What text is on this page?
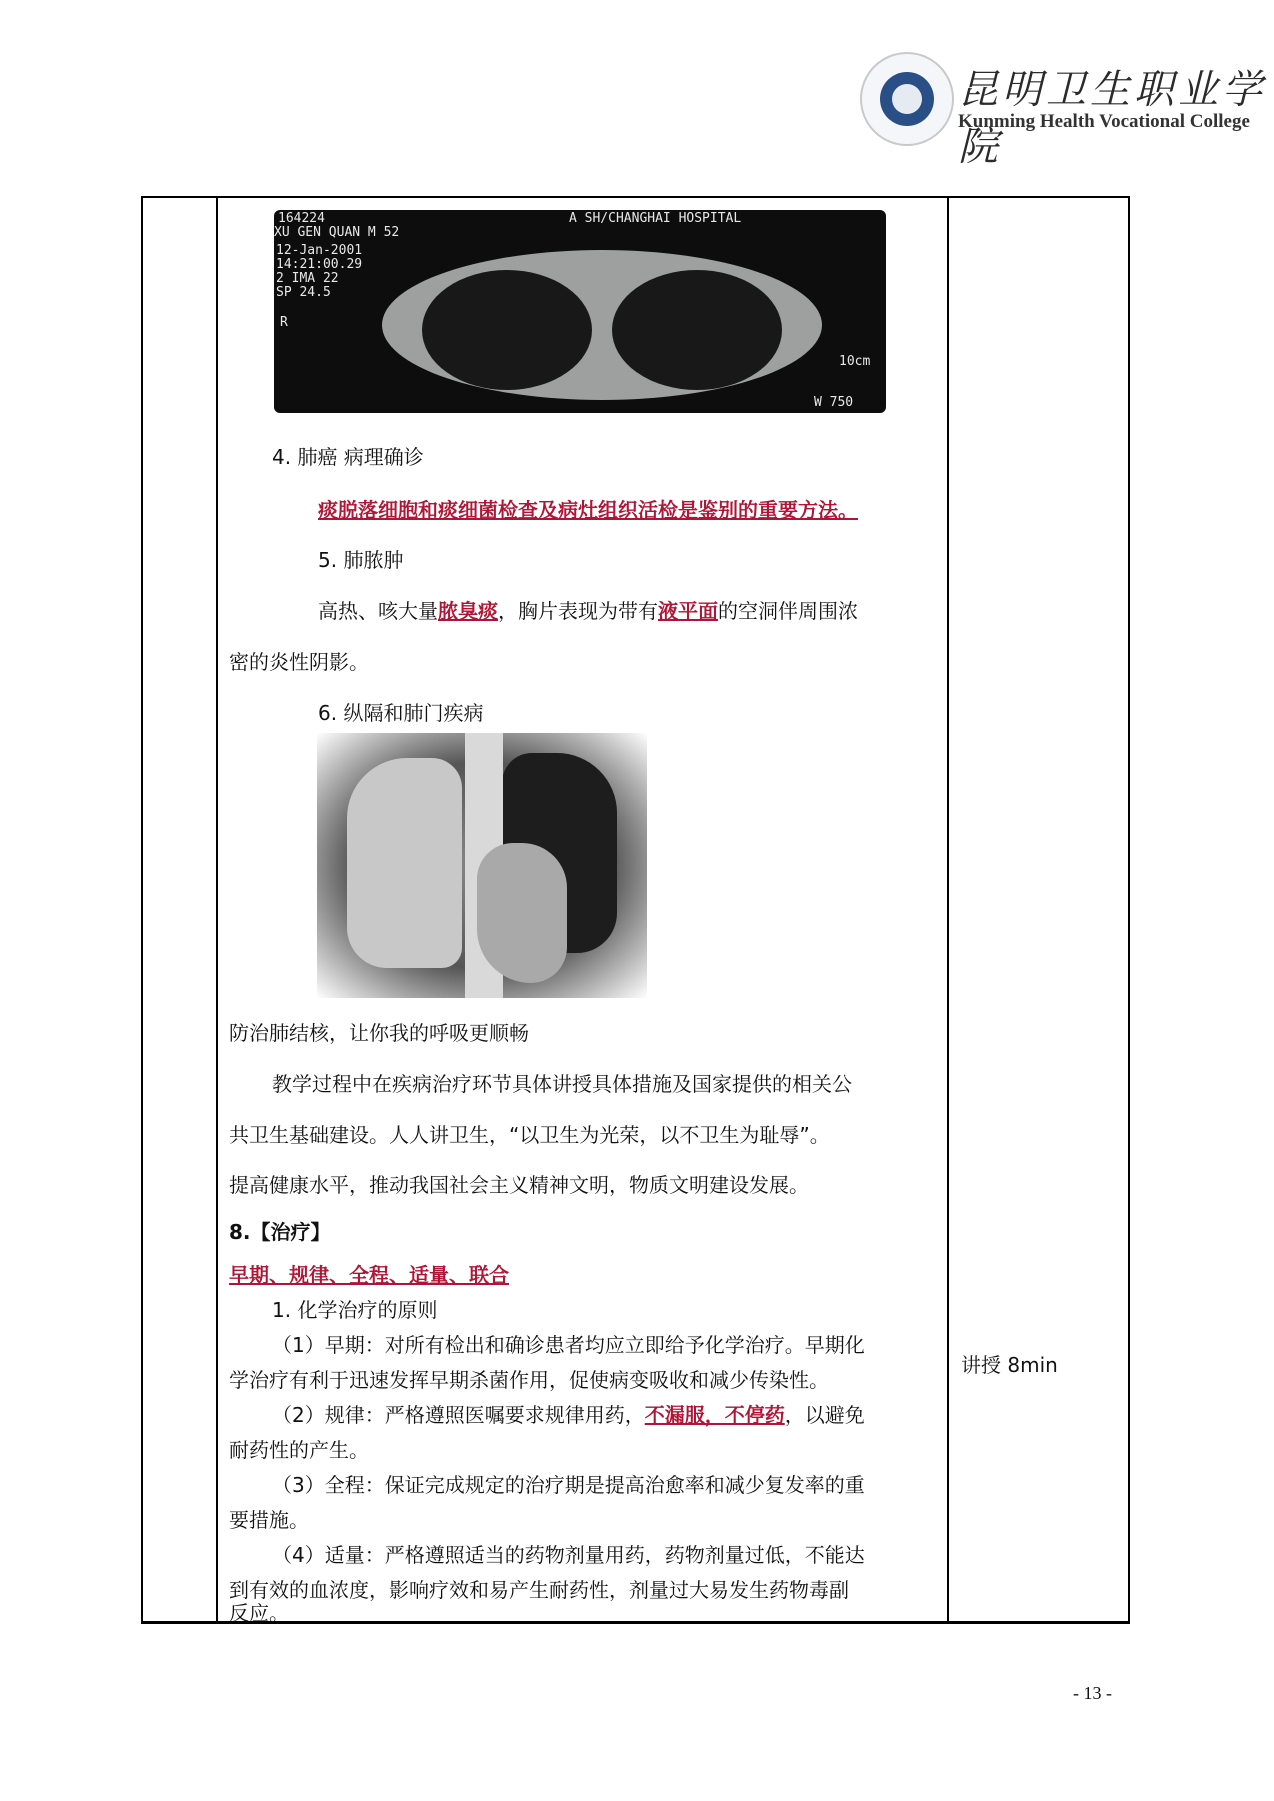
昆明卫生职业学院
Kunming Health Vocational College
164224
XU GEN QUAN M 52
12-Jan-2001
14:21:00.29
2 IMA 22
SP 24.5
R
A SH/CHANGHAI HOSPITAL
10cm
W 750
4. 肺癌 病理确诊
痰脱落细胞和痰细菌检查及病灶组织活检是鉴别的重要方法。
5. 肺脓肿
高热、咳大量脓臭痰，胸片表现为带有液平面的空洞伴周围浓
密的炎性阴影。
6. 纵隔和肺门疾病
防治肺结核，让你我的呼吸更顺畅
教学过程中在疾病治疗环节具体讲授具体措施及国家提供的相关公
共卫生基础建设。人人讲卫生，“以卫生为光荣，以不卫生为耻辱”。
提高健康水平，推动我国社会主义精神文明，物质文明建设发展。
8.【治疗】
早期、规律、全程、适量、联合
1. 化学治疗的原则
（1）早期：对所有检出和确诊患者均应立即给予化学治疗。早期化
学治疗有利于迅速发挥早期杀菌作用，促使病变吸收和减少传染性。
（2）规律：严格遵照医嘱要求规律用药，不漏服，不停药，以避免
耐药性的产生。
（3）全程：保证完成规定的治疗期是提高治愈率和减少复发率的重
要措施。
（4）适量：严格遵照适当的药物剂量用药，药物剂量过低，不能达
到有效的血浓度，影响疗效和易产生耐药性，剂量过大易发生药物毒副
反应。
讲授 8min
- 13 -
